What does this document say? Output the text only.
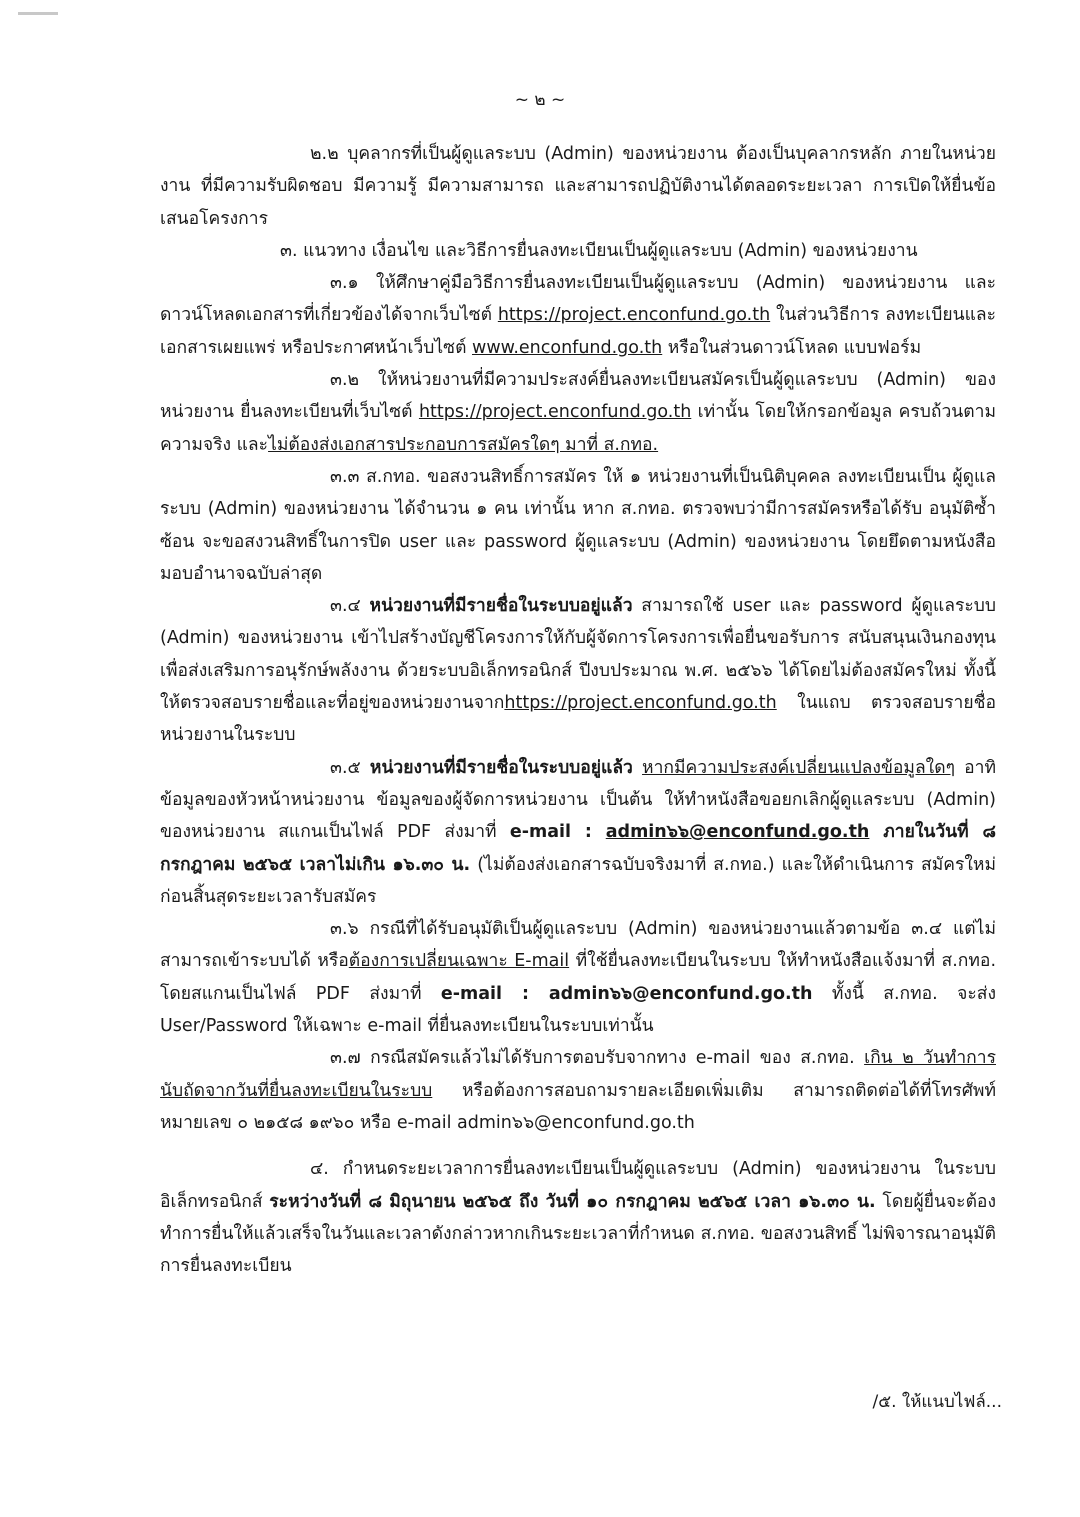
~ ๒ ~

๒.๒ บุคลากรที่เป็นผู้ดูแลระบบ (Admin) ของหน่วยงาน ต้องเป็นบุคลากรหลัก ภายในหน่วยงาน ที่มีความรับผิดชอบ มีความรู้ มีความสามารถ และสามารถปฏิบัติงานได้ตลอดระยะเวลา การเปิดให้ยื่นข้อเสนอโครงการ

๓. แนวทาง เงื่อนไข และวิธีการยื่นลงทะเบียนเป็นผู้ดูแลระบบ (Admin) ของหน่วยงาน

๓.๑ ให้ศึกษาคู่มือวิธีการยื่นลงทะเบียนเป็นผู้ดูแลระบบ (Admin) ของหน่วยงาน และดาวน์โหลดเอกสารที่เกี่ยวข้องได้จากเว็บไซต์ https://project.enconfund.go.th ในส่วนวิธีการ ลงทะเบียนและเอกสารเผยแพร่ หรือประกาศหน้าเว็บไซต์ www.enconfund.go.th หรือในส่วนดาวน์โหลด แบบฟอร์ม

๓.๒ ให้หน่วยงานที่มีความประสงค์ยื่นลงทะเบียนสมัครเป็นผู้ดูแลระบบ (Admin) ของหน่วยงาน ยื่นลงทะเบียนที่เว็บไซต์ https://project.enconfund.go.th เท่านั้น โดยให้กรอกข้อมูล ครบถ้วนตามความจริง และไม่ต้องส่งเอกสารประกอบการสมัครใดๆ มาที่ ส.กทอ.

๓.๓ ส.กทอ. ขอสงวนสิทธิ์การสมัคร ให้ ๑ หน่วยงานที่เป็นนิติบุคคล ลงทะเบียนเป็น ผู้ดูแลระบบ (Admin) ของหน่วยงาน ได้จำนวน ๑ คน เท่านั้น หาก ส.กทอ. ตรวจพบว่ามีการสมัครหรือได้รับ อนุมัติซ้ำซ้อน จะขอสงวนสิทธิ์ในการปิด user และ password ผู้ดูแลระบบ (Admin) ของหน่วยงาน โดยยึดตามหนังสือมอบอำนาจฉบับล่าสุด

๓.๔ หน่วยงานที่มีรายชื่อในระบบอยู่แล้ว สามารถใช้ user และ password ผู้ดูแลระบบ (Admin) ของหน่วยงาน เข้าไปสร้างบัญชีโครงการให้กับผู้จัดการโครงการเพื่อยื่นขอรับการ สนับสนุนเงินกองทุนเพื่อส่งเสริมการอนุรักษ์พลังงาน ด้วยระบบอิเล็กทรอนิกส์ ปีงบประมาณ พ.ศ. ๒๕๖๖ ได้โดยไม่ต้องสมัครใหม่ ทั้งนี้ให้ตรวจสอบรายชื่อและที่อยู่ของหน่วยงานจากhttps://project.enconfund.go.th ในแถบ ตรวจสอบรายชื่อหน่วยงานในระบบ

๓.๕ หน่วยงานที่มีรายชื่อในระบบอยู่แล้ว หากมีความประสงค์เปลี่ยนแปลงข้อมูลใดๆ อาทิ ข้อมูลของหัวหน้าหน่วยงาน ข้อมูลของผู้จัดการหน่วยงาน เป็นต้น ให้ทำหนังสือขอยกเลิกผู้ดูแลระบบ (Admin) ของหน่วยงาน สแกนเป็นไฟล์ PDF ส่งมาที่ e-mail : admin๖๖@enconfund.go.th ภายในวันที่ ๘ กรกฎาคม ๒๕๖๕ เวลาไม่เกิน ๑๖.๓๐ น. (ไม่ต้องส่งเอกสารฉบับจริงมาที่ ส.กทอ.) และให้ดำเนินการ สมัครใหม่ ก่อนสิ้นสุดระยะเวลารับสมัคร

๓.๖ กรณีที่ได้รับอนุมัติเป็นผู้ดูแลระบบ (Admin) ของหน่วยงานแล้วตามข้อ ๓.๔ แต่ไม่สามารถเข้าระบบได้ หรือต้องการเปลี่ยนเฉพาะ E-mail ที่ใช้ยื่นลงทะเบียนในระบบ ให้ทำหนังสือแจ้งมาที่ ส.กทอ. โดยสแกนเป็นไฟล์ PDF ส่งมาที่ e-mail : admin๖๖@enconfund.go.th ทั้งนี้ ส.กทอ. จะส่ง User/Password ให้เฉพาะ e-mail ที่ยื่นลงทะเบียนในระบบเท่านั้น

๓.๗ กรณีสมัครแล้วไม่ได้รับการตอบรับจากทาง e-mail ของ ส.กทอ. เกิน ๒ วันทำการ นับถัดจากวันที่ยื่นลงทะเบียนในระบบ หรือต้องการสอบถามรายละเอียดเพิ่มเติม สามารถติดต่อได้ที่โทรศัพท์ หมายเลข ๐ ๒๑๕๘ ๑๙๖๐ หรือ e-mail admin๖๖@enconfund.go.th

๔. กำหนดระยะเวลาการยื่นลงทะเบียนเป็นผู้ดูแลระบบ (Admin) ของหน่วยงาน ในระบบ อิเล็กทรอนิกส์ ระหว่างวันที่ ๘ มิถุนายน ๒๕๖๕ ถึง วันที่ ๑๐ กรกฎาคม ๒๕๖๕ เวลา ๑๖.๓๐ น. โดยผู้ยื่นจะต้องทำการยื่นให้แล้วเสร็จในวันและเวลาดังกล่าวหากเกินระยะเวลาที่กำหนด ส.กทอ. ขอสงวนสิทธิ์ ไม่พิจารณาอนุมัติการยื่นลงทะเบียน

/๕. ให้แนบไฟล์...
